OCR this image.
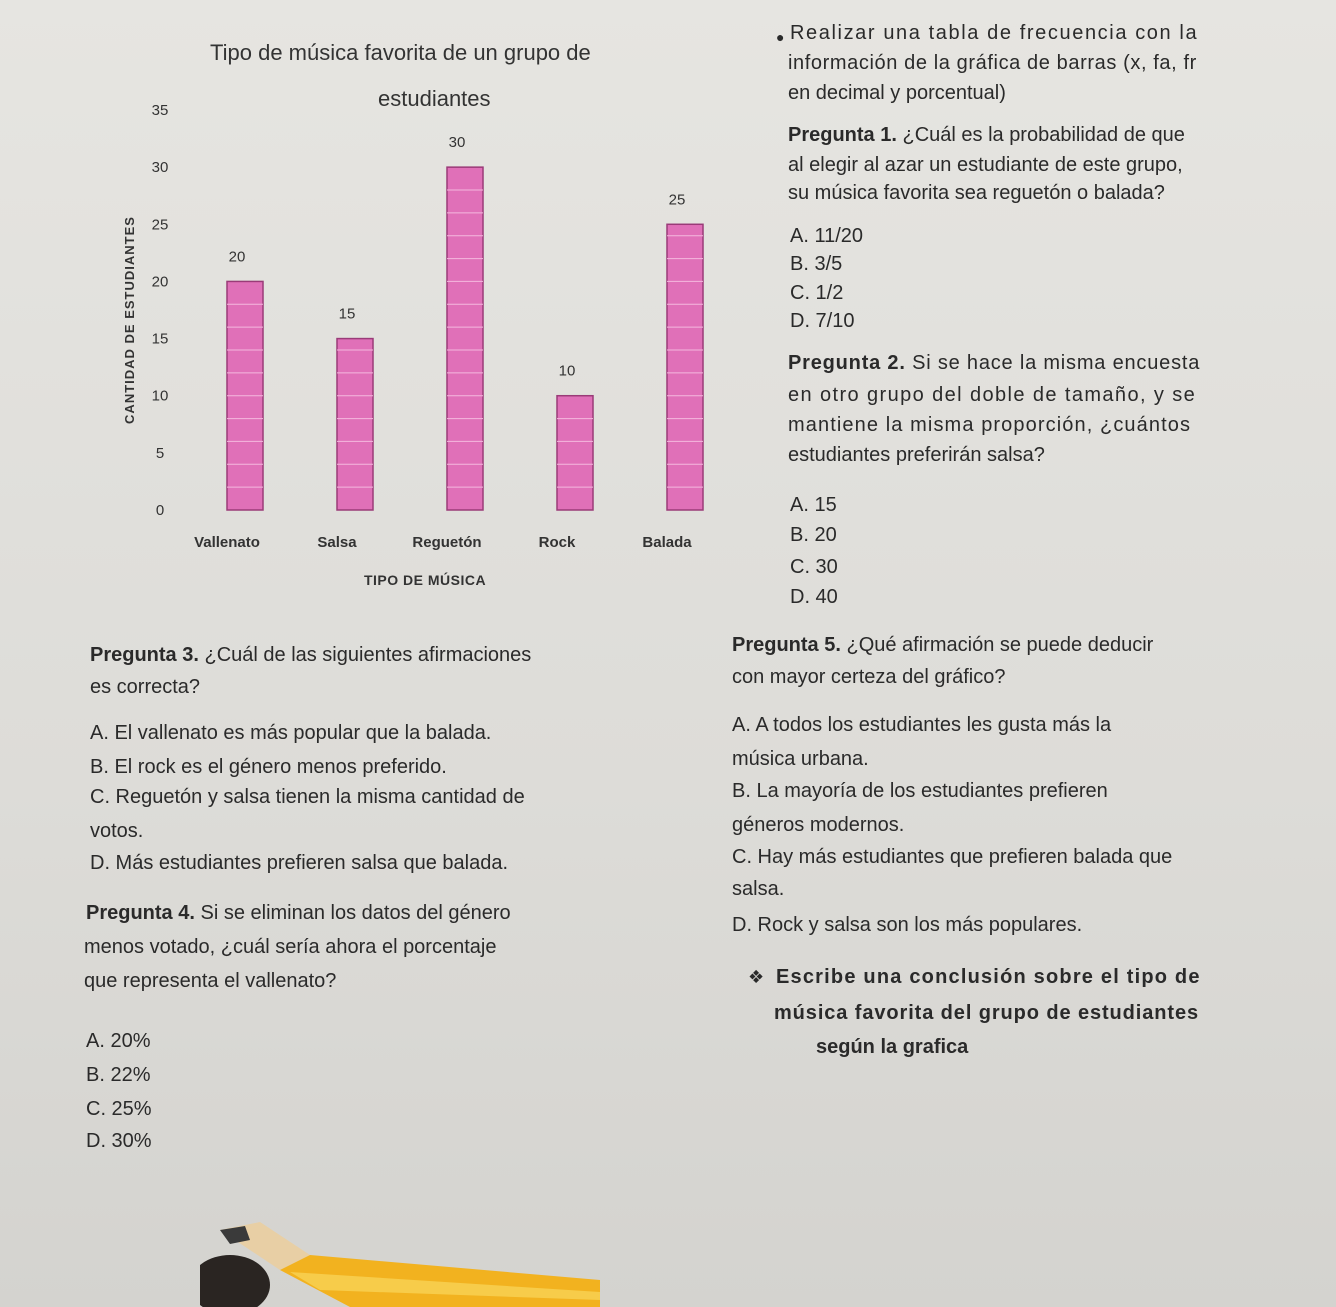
Tipo de música favorita de un grupo de
estudiantes
0
5
10
15
20
25
30
35
CANTIDAD DE ESTUDIANTES	20
Vallenato
15
Salsa
30
Reguetón
10
Rock
25
Balada
TIPO DE MÚSICA
● Realizar una tabla de frecuencia con la
información de la gráfica de barras (x, fa, fr
en decimal y porcentual)
Pregunta 1. ¿Cuál es la probabilidad de que
al elegir al azar un estudiante de este grupo,
su música favorita sea reguetón o balada?
A. 11/20
B. 3/5
C. 1/2
D. 7/10
Pregunta 2. Si se hace la misma encuesta
en otro grupo del doble de tamaño, y se
mantiene la misma proporción, ¿cuántos
estudiantes preferirán salsa?
A. 15
B. 20
C. 30
D. 40
Pregunta 3. ¿Cuál de las siguientes afirmaciones
es correcta?
A. El vallenato es más popular que la balada.
B. El rock es el género menos preferido.
C. Reguetón y salsa tienen la misma cantidad de
votos.
D. Más estudiantes prefieren salsa que balada.
Pregunta 4. Si se eliminan los datos del género
menos votado, ¿cuál sería ahora el porcentaje
que representa el vallenato?
A. 20%
B. 22%
C. 25%
D. 30%
Pregunta 5. ¿Qué afirmación se puede deducir
con mayor certeza del gráfico?
A. A todos los estudiantes les gusta más la
música urbana.
B. La mayoría de los estudiantes prefieren
géneros modernos.
C. Hay más estudiantes que prefieren balada que
salsa.
D. Rock y salsa son los más populares.
❖ Escribe una conclusión sobre el tipo de
música favorita del grupo de estudiantes
según la grafica
